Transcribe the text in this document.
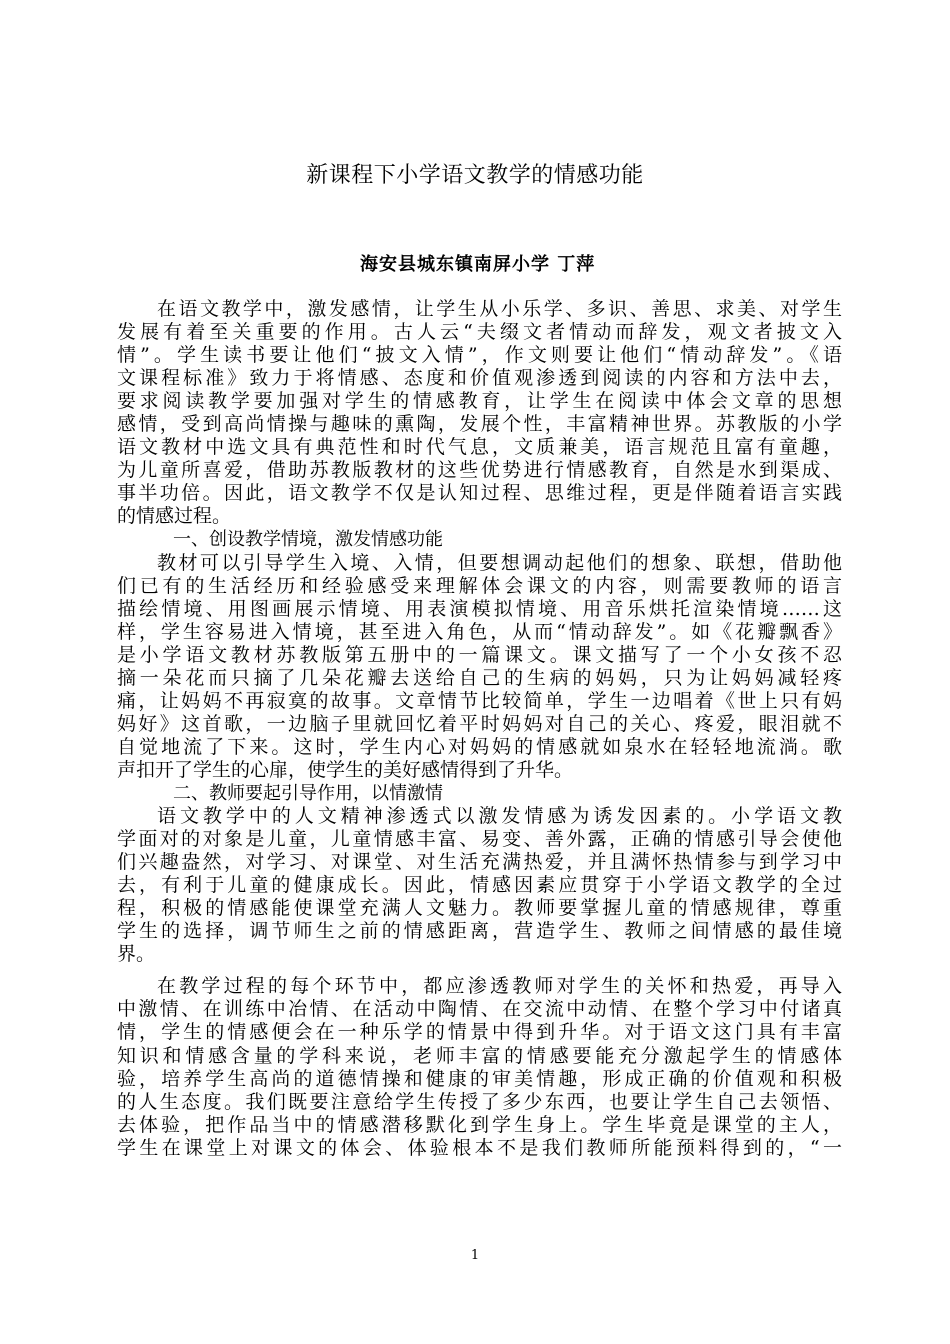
新课程下小学语文教学的情感功能
海安县城东镇南屏小学 丁萍
在语文教学中，激发感情，让学生从小乐学、多识、善思、求美、对学生
发展有着至关重要的作用。古人云“夫缀文者情动而辞发，观文者披文入
情”。学生读书要让他们“披文入情”，作文则要让他们“情动辞发”。《语
文课程标准》致力于将情感、态度和价值观渗透到阅读的内容和方法中去，
要求阅读教学要加强对学生的情感教育，让学生在阅读中体会文章的思想
感情，受到高尚情操与趣味的熏陶，发展个性，丰富精神世界。苏教版的小学
语文教材中选文具有典范性和时代气息，文质兼美，语言规范且富有童趣，
为儿童所喜爱，借助苏教版教材的这些优势进行情感教育，自然是水到渠成、
事半功倍。因此，语文教学不仅是认知过程、思维过程，更是伴随着语言实践
的情感过程。
一、创设教学情境，激发情感功能
教材可以引导学生入境、入情，但要想调动起他们的想象、联想，借助他
们已有的生活经历和经验感受来理解体会课文的内容，则需要教师的语言
描绘情境、用图画展示情境、用表演模拟情境、用音乐烘托渲染情境……这
样，学生容易进入情境，甚至进入角色，从而“情动辞发”。如《花瓣飘香》
是小学语文教材苏教版第五册中的一篇课文。课文描写了一个小女孩不忍
摘一朵花而只摘了几朵花瓣去送给自己的生病的妈妈，只为让妈妈减轻疼
痛，让妈妈不再寂寞的故事。文章情节比较简单，学生一边唱着《世上只有妈
妈好》这首歌，一边脑子里就回忆着平时妈妈对自己的关心、疼爱，眼泪就不
自觉地流了下来。这时，学生内心对妈妈的情感就如泉水在轻轻地流淌。歌
声扣开了学生的心扉，使学生的美好感情得到了升华。
二、教师要起引导作用，以情激情
语文教学中的人文精神渗透式以激发情感为诱发因素的。小学语文教
学面对的对象是儿童，儿童情感丰富、易变、善外露，正确的情感引导会使他
们兴趣盎然，对学习、对课堂、对生活充满热爱，并且满怀热情参与到学习中
去，有利于儿童的健康成长。因此，情感因素应贯穿于小学语文教学的全过
程，积极的情感能使课堂充满人文魅力。教师要掌握儿童的情感规律，尊重
学生的选择，调节师生之前的情感距离，营造学生、教师之间情感的最佳境
界。
在教学过程的每个环节中，都应渗透教师对学生的关怀和热爱，再导入
中激情、在训练中冶情、在活动中陶情、在交流中动情、在整个学习中付诸真
情，学生的情感便会在一种乐学的情景中得到升华。对于语文这门具有丰富
知识和情感含量的学科来说，老师丰富的情感要能充分激起学生的情感体
验，培养学生高尚的道德情操和健康的审美情趣，形成正确的价值观和积极
的人生态度。我们既要注意给学生传授了多少东西，也要让学生自己去领悟、
去体验，把作品当中的情感潜移默化到学生身上。学生毕竟是课堂的主人，
学生在课堂上对课文的体会、体验根本不是我们教师所能预料得到的，“一
1
